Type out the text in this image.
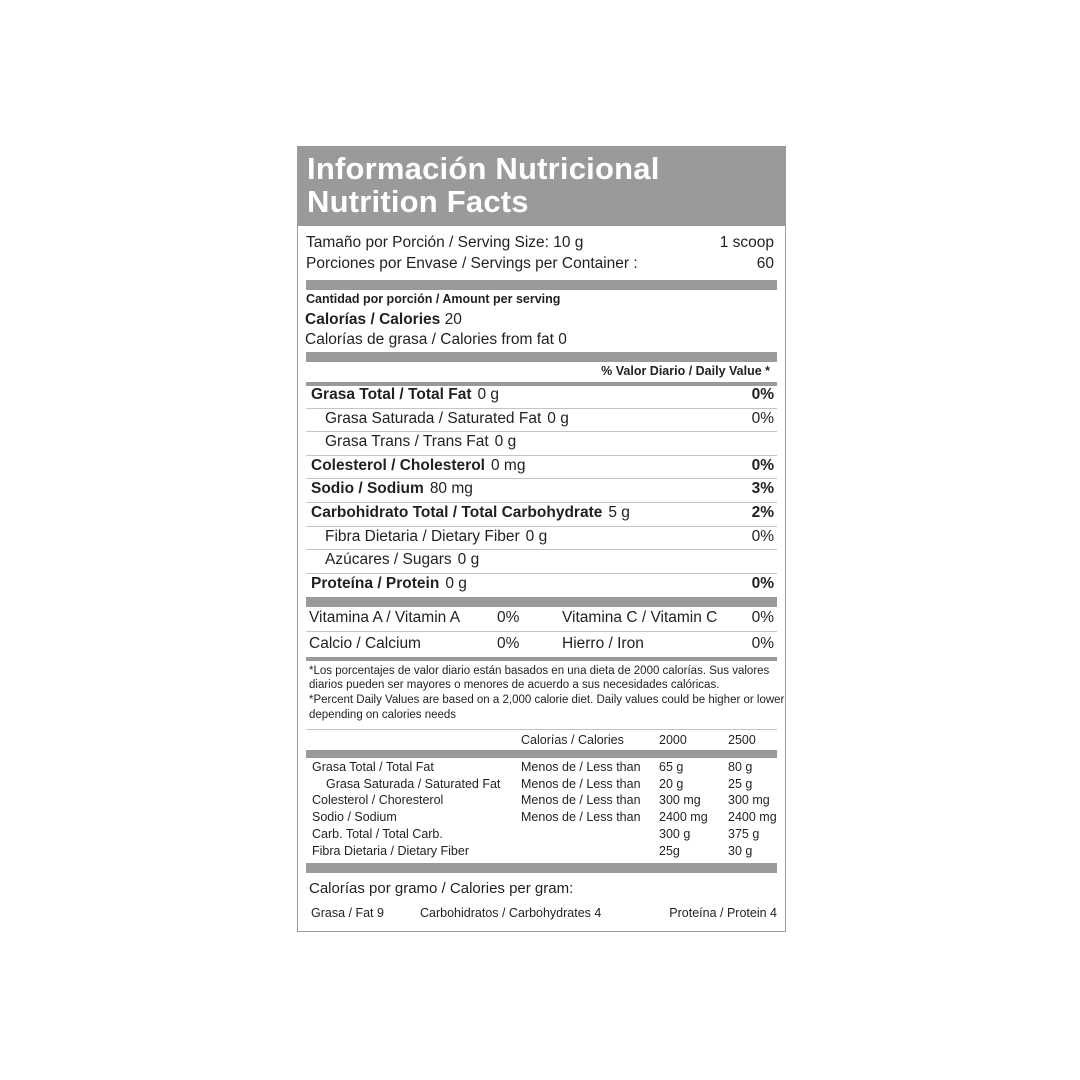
Información Nutricional
Nutrition Facts
Tamaño por Porción / Serving Size: 10 g	1 scoop
Porciones por Envase / Servings per Container :	60
Cantidad por porción / Amount per serving
Calorías / Calories 20
Calorías de grasa / Calories from fat 0
% Valor Diario / Daily Value *
Grasa Total / Total Fat 0 g	0%
Grasa Saturada / Saturated Fat 0 g	0%
Grasa Trans / Trans Fat 0 g
Colesterol / Cholesterol 0 mg	0%
Sodio / Sodium 80 mg	3%
Carbohidrato Total / Total Carbohydrate 5 g	2%
Fibra Dietaria / Dietary Fiber 0 g	0%
Azúcares / Sugars 0 g
Proteína / Protein 0 g	0%
Vitamina A / Vitamin A 0%	Vitamina C / Vitamin C 0%
Calcio / Calcium	0%	Hierro / Iron	0%
*Los porcentajes de valor diario están basados en una dieta de 2000 calorías. Sus valores
diarios pueden ser mayores o menores de acuerdo a sus necesidades calóricas.
*Percent Daily Values are based on a 2,000 calorie diet. Daily values could be higher or lower
depending on calories needs
Calorías / Calories	2000	2500
Grasa Total / Total Fat	Menos de / Less than 65 g	80 g
Grasa Saturada / Saturated Fat Menos de / Less than 20 g	25 g
Colesterol / Choresterol	Menos de / Less than 300 mg 300 mg
Sodio / Sodium	Menos de / Less than 2400 mg 2400 mg
Carb. Total / Total Carb.	300 g	375 g
Fibra Dietaria / Dietary Fiber	25g	30 g
Calorías por gramo / Calories per gram:
Grasa / Fat 9	Carbohidratos / Carbohydrates 4	Proteína / Protein 4
